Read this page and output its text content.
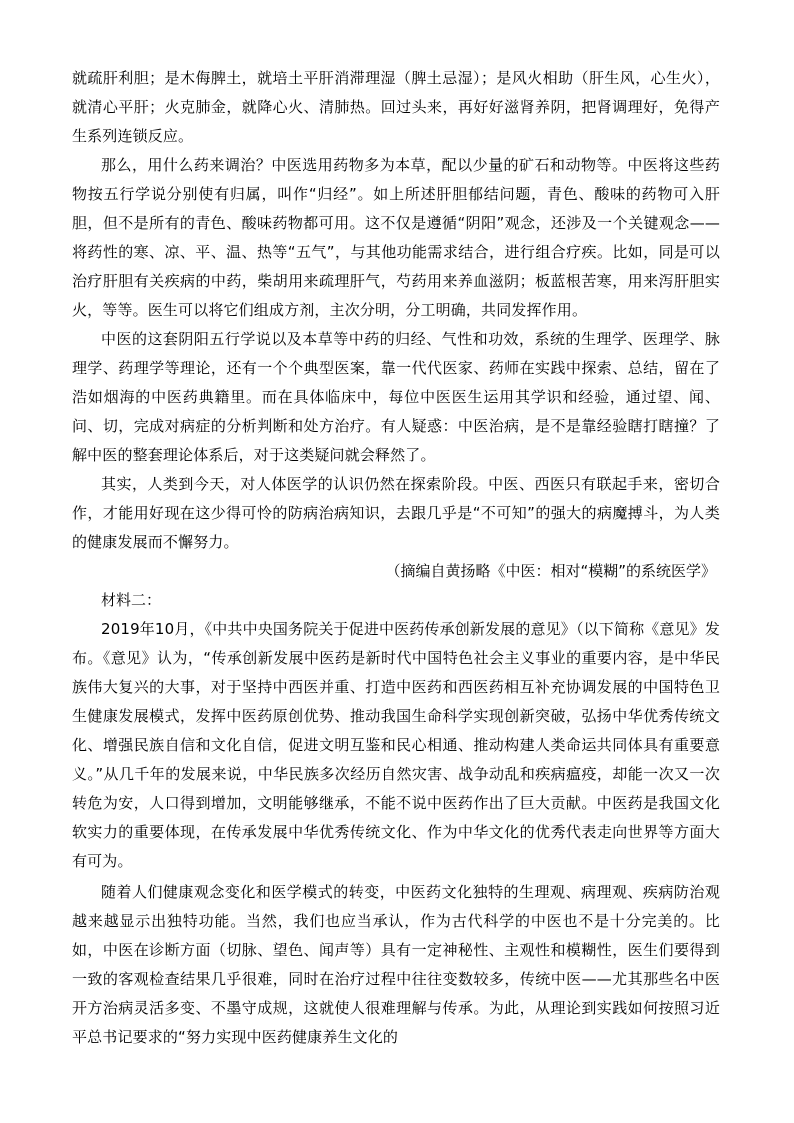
就疏肝利胆；是木侮脾土，就培土平肝消滞理湿（脾土忌湿）；是风火相助（肝生风，心生火），就清心平肝；火克肺金，就降心火、清肺热。回过头来，再好好滋肾养阴，把肾调理好，免得产生系列连锁反应。

那么，用什么药来调治？中医选用药物多为本草，配以少量的矿石和动物等。中医将这些药物按五行学说分别使有归属，叫作“归经”。如上所述肝胆郁结问题，青色、酸味的药物可入肝胆，但不是所有的青色、酸味药物都可用。这不仅是遵循“阴阳”观念，还涉及一个关键观念——将药性的寒、凉、平、温、热等“五气”，与其他功能需求结合，进行组合疗疾。比如，同是可以治疗肝胆有关疾病的中药，柴胡用来疏理肝气，芍药用来养血滋阴；板蓝根苦寒，用来泻肝胆实火，等等。医生可以将它们组成方剂，主次分明，分工明确，共同发挥作用。

中医的这套阴阳五行学说以及本草等中药的归经、气性和功效，系统的生理学、医理学、脉理学、药理学等理论，还有一个个典型医案，靠一代代医家、药师在实践中探索、总结，留在了浩如烟海的中医药典籍里。而在具体临床中，每位中医医生运用其学识和经验，通过望、闻、问、切，完成对病症的分析判断和处方治疗。有人疑惑：中医治病，是不是靠经验瞎打瞎撞？了解中医的整套理论体系后，对于这类疑问就会释然了。

其实，人类到今天，对人体医学的认识仍然在探索阶段。中医、西医只有联起手来，密切合作，才能用好现在这少得可怜的防病治病知识，去跟几乎是“不可知”的强大的病魔搏斗，为人类的健康发展而不懈努力。

（摘编自黄扬略《中医：相对“模糊”的系统医学》

材料二：

2019年10月，《中共中央国务院关于促进中医药传承创新发展的意见》（以下简称《意见》发布。《意见》认为，“传承创新发展中医药是新时代中国特色社会主义事业的重要内容，是中华民族伟大复兴的大事，对于坚持中西医并重、打造中医药和西医药相互补充协调发展的中国特色卫生健康发展模式，发挥中医药原创优势、推动我国生命科学实现创新突破，弘扬中华优秀传统文化、增强民族自信和文化自信，促进文明互鉴和民心相通、推动构建人类命运共同体具有重要意义。”从几千年的发展来说，中华民族多次经历自然灾害、战争动乱和疾病瘟疫，却能一次又一次转危为安，人口得到增加，文明能够继承，不能不说中医药作出了巨大贡献。中医药是我国文化软实力的重要体现，在传承发展中华优秀传统文化、作为中华文化的优秀代表走向世界等方面大有可为。

随着人们健康观念变化和医学模式的转变，中医药文化独特的生理观、病理观、疾病防治观越来越显示出独特功能。当然，我们也应当承认，作为古代科学的中医也不是十分完美的。比如，中医在诊断方面（切脉、望色、闻声等）具有一定神秘性、主观性和模糊性，医生们要得到一致的客观检查结果几乎很难，同时在治疗过程中往往变数较多，传统中医——尤其那些名中医开方治病灵活多变、不墨守成规，这就使人很难理解与传承。为此，从理论到实践如何按照习近平总书记要求的“努力实现中医药健康养生文化的
